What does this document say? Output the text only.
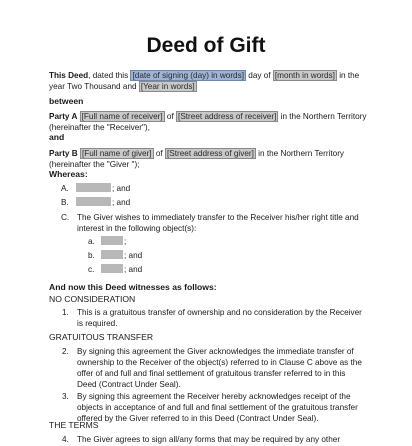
Deed of Gift

This Deed, dated this [date of signing (day) in words] day of [month in words] in the year Two Thousand and [Year in words]

between

Party A [Full name of receiver] of [Street address of receiver] in the Northern Territory (hereinafter the "Receiver"),

and

Party B [Full name of giver] of [Street address of giver] in the Northern Territory (hereinafter the "Giver ");

Whereas:
A.	; and
B.	; and
C. The Giver wishes to immediately transfer to the Receiver his/her right title and interest in the following object(s):

a.	;
b.	; and
c.	; and
And now this Deed witnesses as follows:
NO CONSIDERATION
1. This is a gratuitous transfer of ownership and no consideration by the Receiver is required.

GRATUITOUS TRANSFER
2. By signing this agreement the Giver acknowledges the immediate transfer of ownership to the Receiver of the object(s) referred to in Clause C above as the offer of and full and final settlement of gratuitous transfer referred to in this Deed (Contract Under Seal).

3. By signing this agreement the Receiver hereby acknowledges receipt of the objects in acceptance of and full and final settlement of the gratuitous transfer offered by the Giver referred to in this Deed (Contract Under Seal).

THE TERMS
4. The Giver agrees to sign all/any forms that may be required by any other
